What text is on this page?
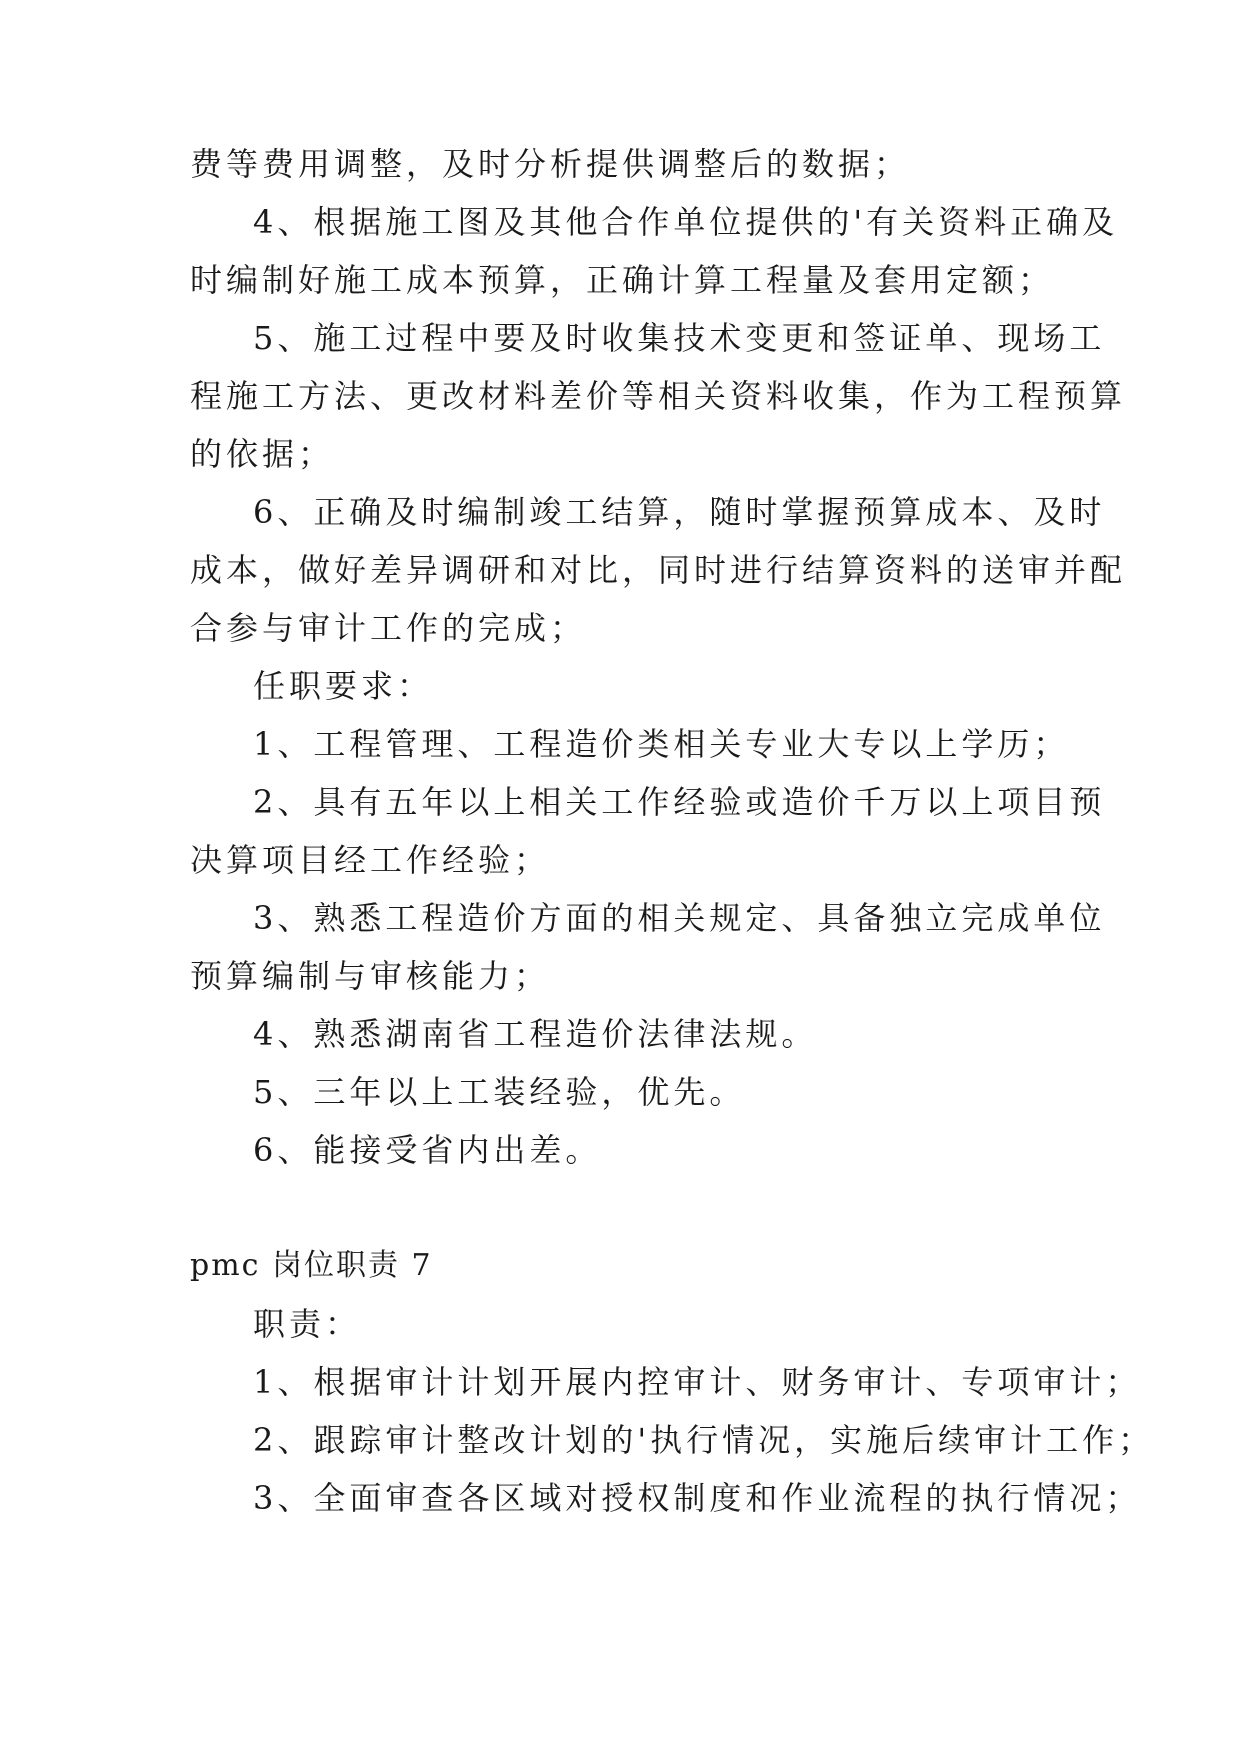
费等费用调整，及时分析提供调整后的数据；
4、根据施工图及其他合作单位提供的'有关资料正确及
时编制好施工成本预算，正确计算工程量及套用定额；
5、施工过程中要及时收集技术变更和签证单、现场工
程施工方法、更改材料差价等相关资料收集，作为工程预算
的依据；
6、正确及时编制竣工结算，随时掌握预算成本、及时
成本，做好差异调研和对比，同时进行结算资料的送审并配
合参与审计工作的完成；
任职要求：
1、工程管理、工程造价类相关专业大专以上学历；
2、具有五年以上相关工作经验或造价千万以上项目预
决算项目经工作经验；
3、熟悉工程造价方面的相关规定、具备独立完成单位
预算编制与审核能力；
4、熟悉湖南省工程造价法律法规。
5、三年以上工装经验，优先。
6、能接受省内出差。
pmc 岗位职责 7
职责：
1、根据审计计划开展内控审计、财务审计、专项审计；
2、跟踪审计整改计划的'执行情况，实施后续审计工作；
3、全面审查各区域对授权制度和作业流程的执行情况；
